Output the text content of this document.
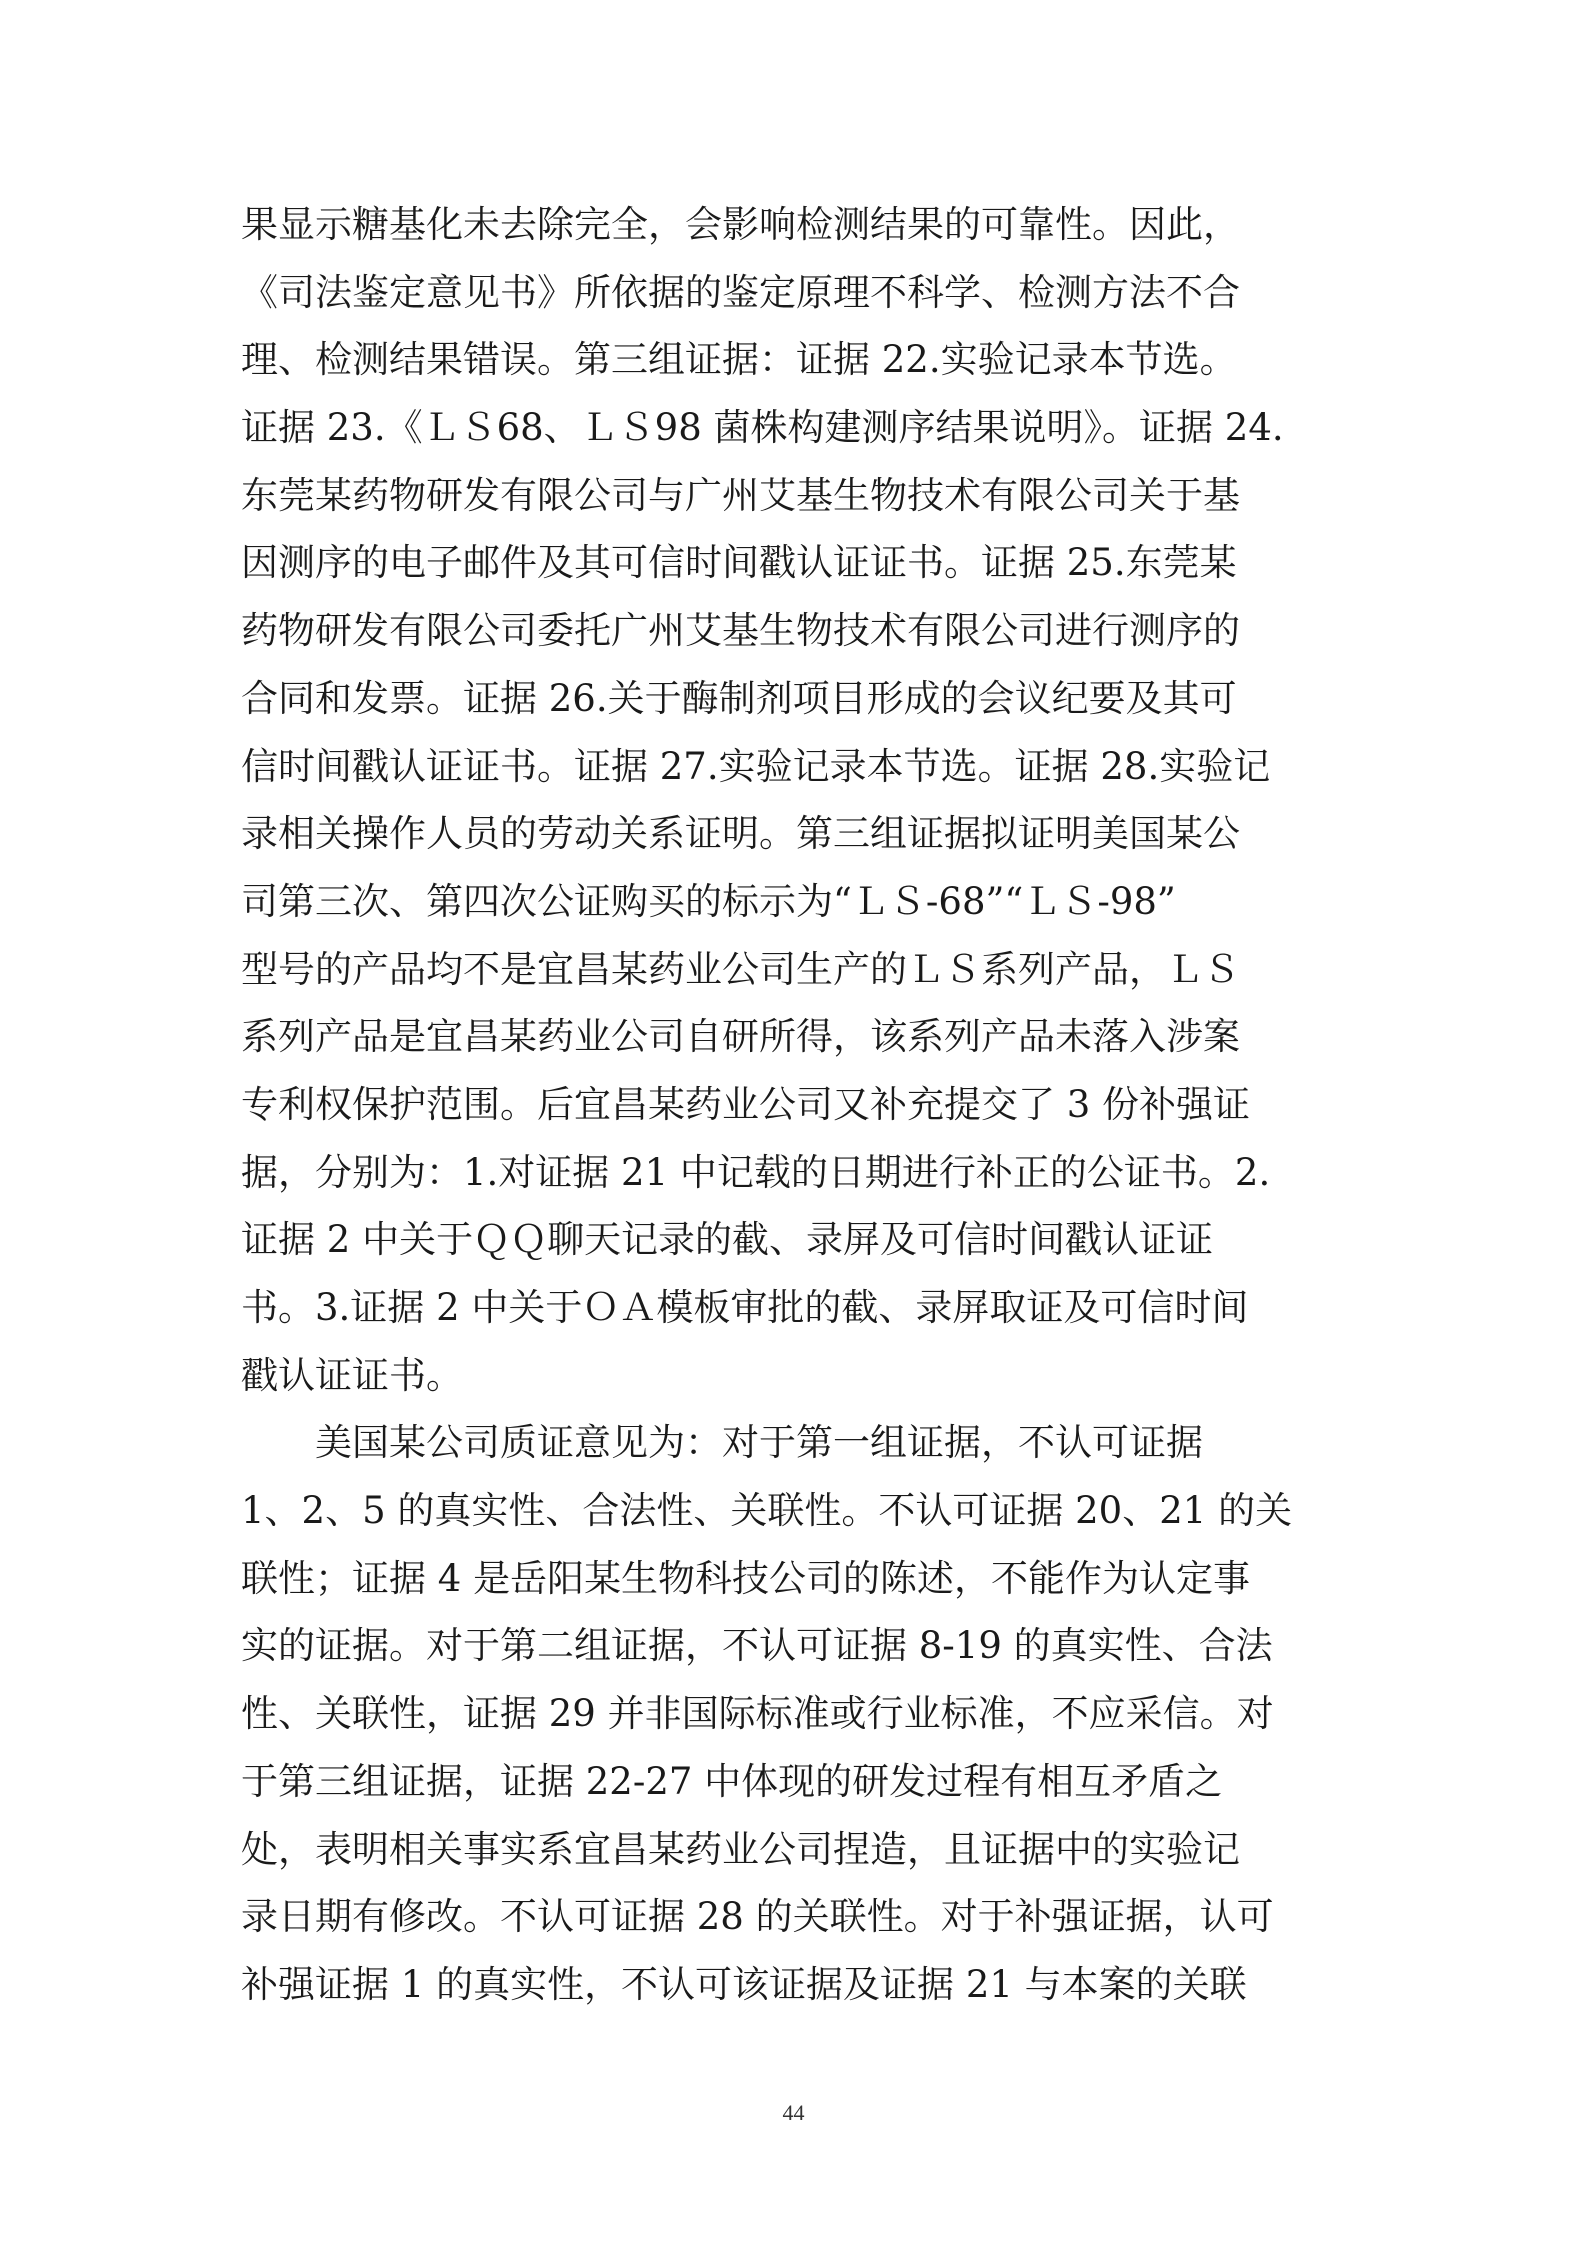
果显示糖基化未去除完全，会影响检测结果的可靠性。因此，
《司法鉴定意见书》所依据的鉴定原理不科学、检测方法不合
理、检测结果错误。第三组证据：证据 22.实验记录本节选。
证据 23.《ＬＳ68、ＬＳ98 菌株构建测序结果说明》。证据 24.
东莞某药物研发有限公司与广州艾基生物技术有限公司关于基
因测序的电子邮件及其可信时间戳认证证书。证据 25.东莞某
药物研发有限公司委托广州艾基生物技术有限公司进行测序的
合同和发票。证据 26.关于酶制剂项目形成的会议纪要及其可
信时间戳认证证书。证据 27.实验记录本节选。证据 28.实验记
录相关操作人员的劳动关系证明。第三组证据拟证明美国某公
司第三次、第四次公证购买的标示为“ＬＳ-68”“ＬＳ-98”
型号的产品均不是宜昌某药业公司生产的ＬＳ系列产品，ＬＳ
系列产品是宜昌某药业公司自研所得，该系列产品未落入涉案
专利权保护范围。后宜昌某药业公司又补充提交了 3 份补强证
据，分别为：1.对证据 21 中记载的日期进行补正的公证书。2.
证据 2 中关于ＱＱ聊天记录的截、录屏及可信时间戳认证证
书。3.证据 2 中关于ＯＡ模板审批的截、录屏取证及可信时间
戳认证证书。
美国某公司质证意见为：对于第一组证据，不认可证据
1、2、5 的真实性、合法性、关联性。不认可证据 20、21 的关
联性；证据 4 是岳阳某生物科技公司的陈述，不能作为认定事
实的证据。对于第二组证据，不认可证据 8-19 的真实性、合法
性、关联性，证据 29 并非国际标准或行业标准，不应采信。对
于第三组证据，证据 22-27 中体现的研发过程有相互矛盾之
处，表明相关事实系宜昌某药业公司捏造，且证据中的实验记
录日期有修改。不认可证据 28 的关联性。对于补强证据，认可
补强证据 1 的真实性，不认可该证据及证据 21 与本案的关联
44
